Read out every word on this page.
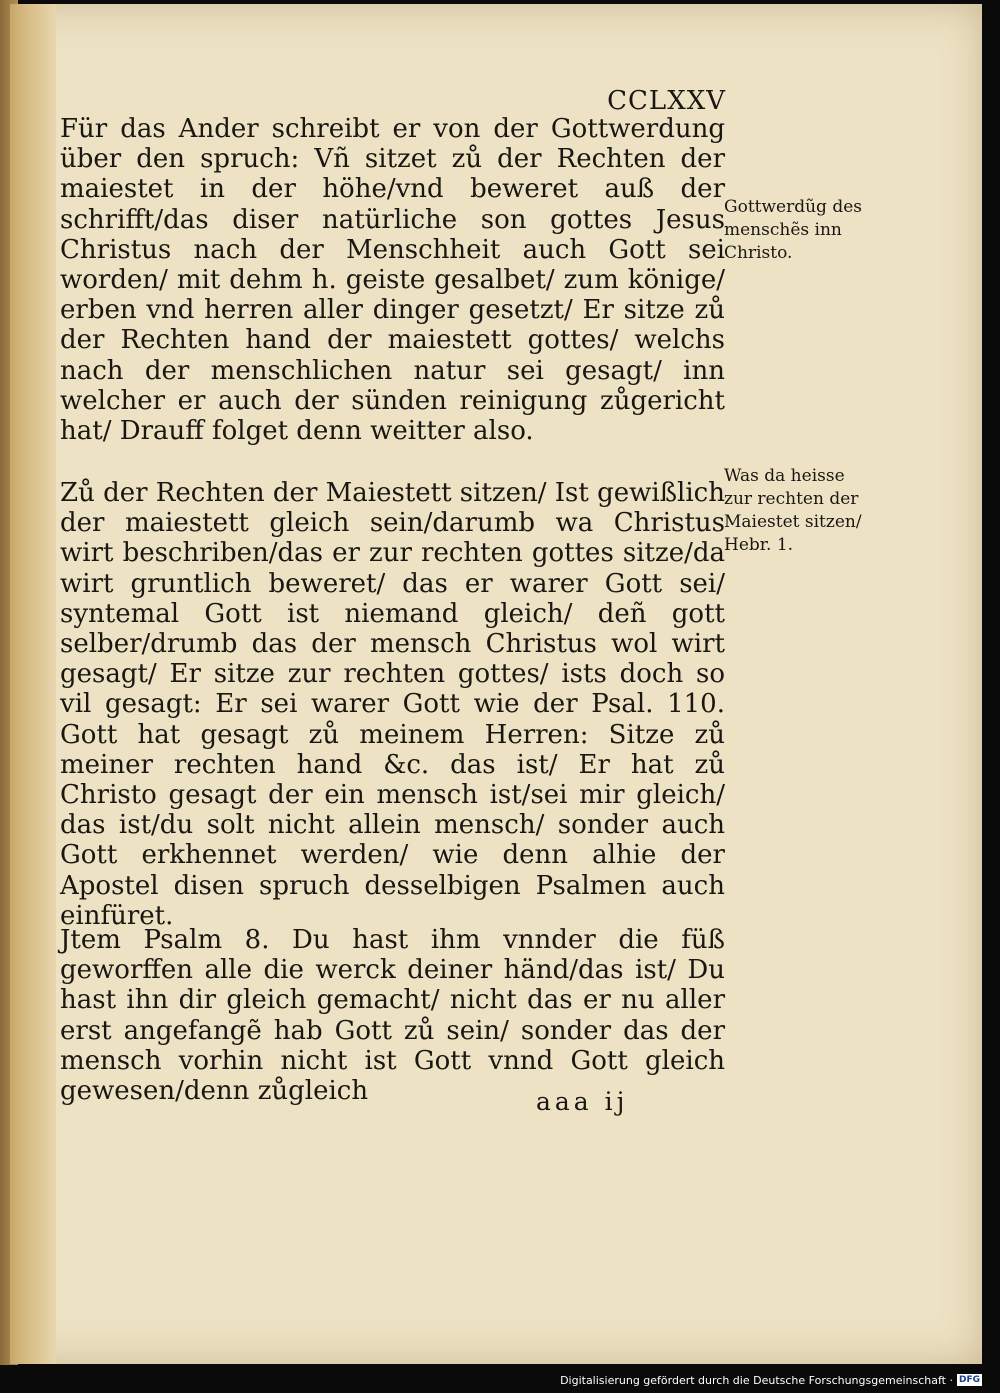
CCLXXV

Für das Ander schreibt er von der Gottwerdung über den spruch: Vñ sitzet zů der Rechten der maiestet in der höhe/vnd beweret auß der schrifft/das diser natürliche son gottes Jesus Christus nach der Menschheit auch Gott sei worden/ mit dehm h. geiste gesalbet/ zum könige/ erben vnd herren aller dinger gesetzt/ Er sitze zů der Rechten hand der maiestett gottes/ welchs nach der menschlichen natur sei gesagt/ inn welcher er auch der sünden reinigung zůgericht hat/ Drauff folget denn weitter also.

Zů der Rechten der Maiestett sitzen/ Ist gewißlich der maiestett gleich sein/darumb wa Christus wirt beschriben/das er zur rechten gottes sitze/da wirt gruntlich beweret/ das er warer Gott sei/ syntemal Gott ist niemand gleich/ deñ gott selber/drumb das der mensch Christus wol wirt gesagt/ Er sitze zur rechten gottes/ ists doch so vil gesagt: Er sei warer Gott wie der Psal. 110. Gott hat gesagt zů meinem Herren: Sitze zů meiner rechten hand &c. das ist/ Er hat zů Christo gesagt der ein mensch ist/sei mir gleich/ das ist/du solt nicht allein mensch/ sonder auch Gott erkhennet werden/ wie denn alhie der Apostel disen spruch desselbigen Psalmen auch einfüret.

Jtem Psalm 8. Du hast ihm vnnder die füß geworffen alle die werck deiner händ/das ist/ Du hast ihn dir gleich gemacht/ nicht das er nu aller erst angefangẽ hab Gott zů sein/ sonder das der mensch vorhin nicht ist Gott vnnd Gott gleich gewesen/denn zůgleich

Gottwerdũg des menschẽs inn Christo.

Was da heisse zur rechten der Maiestet sitzen/ Hebr. 1.

aaa ij
Digitalisierung gefördert durch die Deutsche Forschungsgemeinschaft · DFG
